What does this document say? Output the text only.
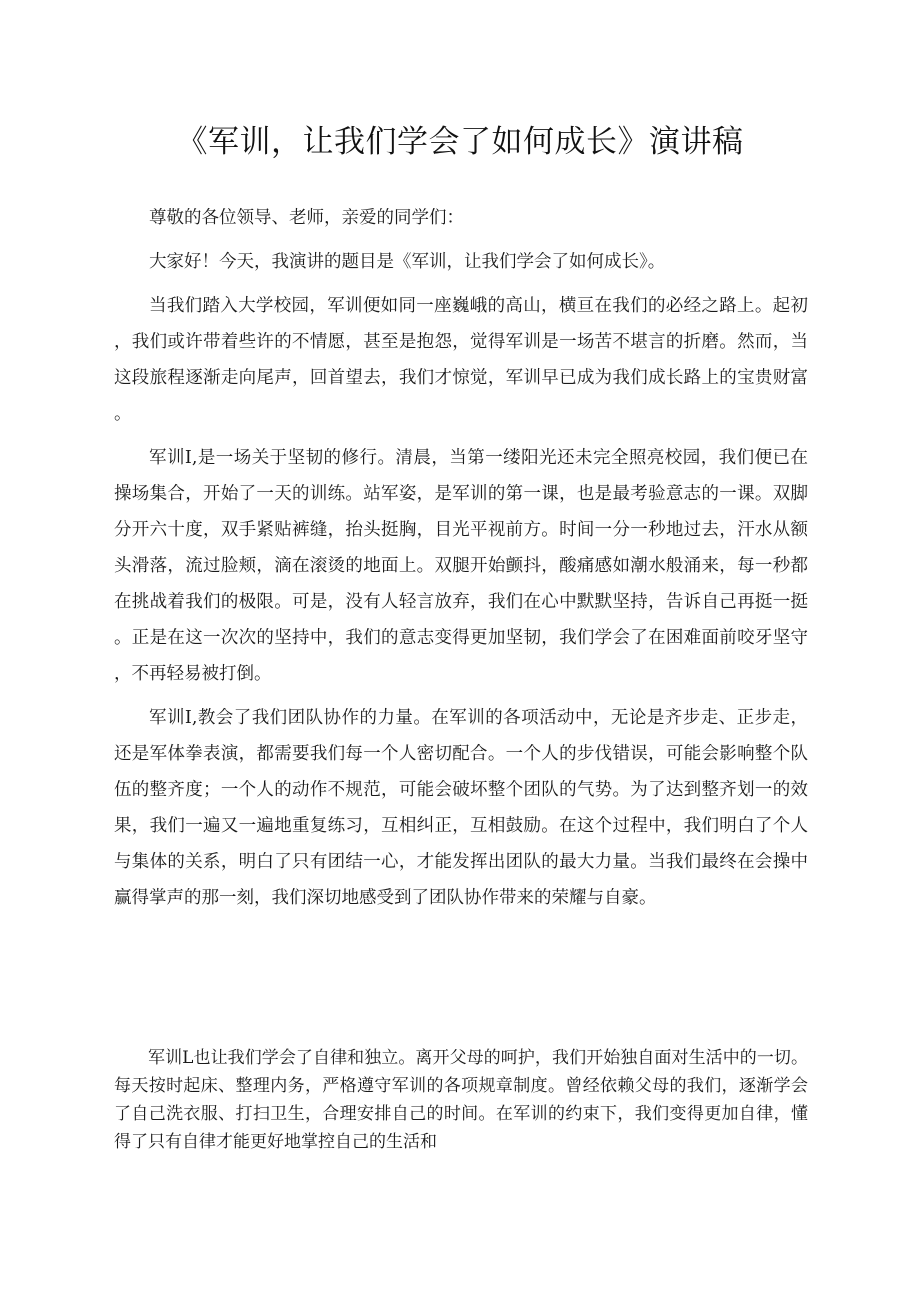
《军训，让我们学会了如何成长》演讲稿

尊敬的各位领导、老师，亲爱的同学们：

大家好！今天，我演讲的题目是《军训，让我们学会了如何成长》。

当我们踏入大学校园，军训便如同一座巍峨的高山，横亘在我们的必经之路上。起初，我们或许带着些许的不情愿，甚至是抱怨，觉得军训是一场苦不堪言的折磨。然而，当这段旅程逐渐走向尾声，回首望去，我们才惊觉，军训早已成为我们成长路上的宝贵财富。

军训I,是一场关于坚韧的修行。清晨，当第一缕阳光还未完全照亮校园，我们便已在操场集合，开始了一天的训练。站军姿，是军训的第一课，也是最考验意志的一课。双脚分开六十度，双手紧贴裤缝，抬头挺胸，目光平视前方。时间一分一秒地过去，汗水从额头滑落，流过脸颊，滴在滚烫的地面上。双腿开始颤抖，酸痛感如潮水般涌来，每一秒都在挑战着我们的极限。可是，没有人轻言放弃，我们在心中默默坚持，告诉自己再挺一挺。正是在这一次次的坚持中，我们的意志变得更加坚韧，我们学会了在困难面前咬牙坚守，不再轻易被打倒。

军训I,教会了我们团队协作的力量。在军训的各项活动中，无论是齐步走、正步走，还是军体拳表演，都需要我们每一个人密切配合。一个人的步伐错误，可能会影响整个队伍的整齐度；一个人的动作不规范，可能会破坏整个团队的气势。为了达到整齐划一的效果，我们一遍又一遍地重复练习，互相纠正，互相鼓励。在这个过程中，我们明白了个人与集体的关系，明白了只有团结一心，才能发挥出团队的最大力量。当我们最终在会操中赢得掌声的那一刻，我们深切地感受到了团队协作带来的荣耀与自豪。

军训L也让我们学会了自律和独立。离开父母的呵护，我们开始独自面对生活中的一切。每天按时起床、整理内务，严格遵守军训的各项规章制度。曾经依赖父母的我们，逐渐学会了自己洗衣服、打扫卫生，合理安排自己的时间。在军训的约束下，我们变得更加自律，懂得了只有自律才能更好地掌控自己的生活和
